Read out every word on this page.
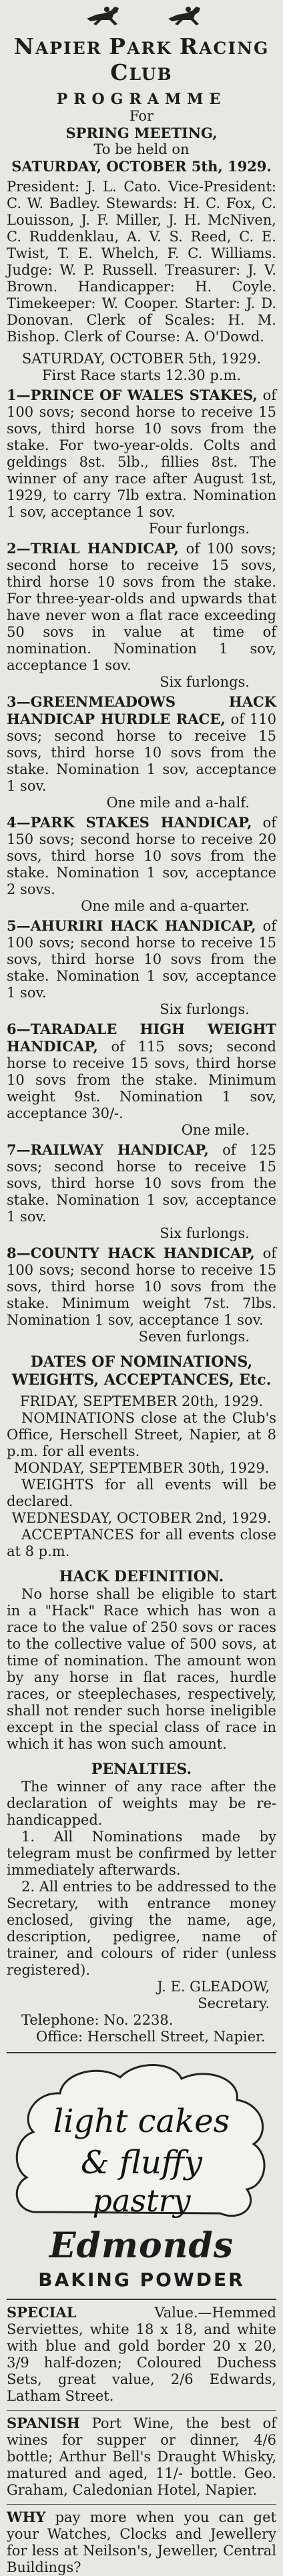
NAPIER PARK RACING CLUB
PROGRAMME
For
SPRING MEETING,
To be held on
SATURDAY, OCTOBER 5th, 1929.

President: J. L. Cato. Vice-President: C. W. Badley. Stewards: H. C. Fox, C. Louisson, J. F. Miller, J. H. McNiven, C. Ruddenklau, A. V. S. Reed, C. E. Twist, T. E. Whelch, F. C. Williams. Judge: W. P. Russell. Treasurer: J. V. Brown. Handicapper: H. Coyle. Timekeeper: W. Cooper. Starter: J. D. Donovan. Clerk of Scales: H. M. Bishop. Clerk of Course: A. O'Dowd.

SATURDAY, OCTOBER 5th, 1929.
First Race starts 12.30 p.m.
1—PRINCE OF WALES STAKES, of 100 sovs; second horse to receive 15 sovs, third horse 10 sovs from the stake. For two-year-olds. Colts and geldings 8st. 5lb., fillies 8st. The winner of any race after August 1st, 1929, to carry 7lb extra. Nomination 1 sov, acceptance 1 sov.
Four furlongs.
2—TRIAL HANDICAP, of 100 sovs; second horse to receive 15 sovs, third horse 10 sovs from the stake. For three-year-olds and upwards that have never won a flat race exceeding 50 sovs in value at time of nomination. Nomination 1 sov, acceptance 1 sov.
Six furlongs.
3—GREENMEADOWS HACK HANDICAP HURDLE RACE, of 110 sovs; second horse to receive 15 sovs, third horse 10 sovs from the stake. Nomination 1 sov, acceptance 1 sov.
One mile and a-half.
4—PARK STAKES HANDICAP, of 150 sovs; second horse to receive 20 sovs, third horse 10 sovs from the stake. Nomination 1 sov, acceptance 2 sovs.
One mile and a-quarter.
5—AHURIRI HACK HANDICAP, of 100 sovs; second horse to receive 15 sovs, third horse 10 sovs from the stake. Nomination 1 sov, acceptance 1 sov.
Six furlongs.
6—TARADALE HIGH WEIGHT HANDICAP, of 115 sovs; second horse to receive 15 sovs, third horse 10 sovs from the stake. Minimum weight 9st. Nomination 1 sov, acceptance 30/-.
One mile.
7—RAILWAY HANDICAP, of 125 sovs; second horse to receive 15 sovs, third horse 10 sovs from the stake. Nomination 1 sov, acceptance 1 sov.
Six furlongs.
8—COUNTY HACK HANDICAP, of 100 sovs; second horse to receive 15 sovs, third horse 10 sovs from the stake. Minimum weight 7st. 7lbs. Nomination 1 sov, acceptance 1 sov.
Seven furlongs.
DATES OF NOMINATIONS, WEIGHTS, ACCEPTANCES, Etc.
FRIDAY, SEPTEMBER 20th, 1929.

NOMINATIONS close at the Club's Office, Herschell Street, Napier, at 8 p.m. for all events.

MONDAY, SEPTEMBER 30th, 1929.

WEIGHTS for all events will be declared.

WEDNESDAY, OCTOBER 2nd, 1929.

ACCEPTANCES for all events close at 8 p.m.

HACK DEFINITION.

No horse shall be eligible to start in a "Hack" Race which has won a race to the value of 250 sovs or races to the collective value of 500 sovs, at time of nomination. The amount won by any horse in flat races, hurdle races, or steeplechases, respectively, shall not render such horse ineligible except in the special class of race in which it has won such amount.

PENALTIES.

The winner of any race after the declaration of weights may be re-handicapped.

1. All Nominations made by telegram must be confirmed by letter immediately afterwards.

2. All entries to be addressed to the Secretary, with entrance money enclosed, giving the name, age, description, pedigree, name of trainer, and colours of rider (unless registered).

J. E. GLEADOW,
Secretary.
Telephone: No. 2238.
Office: Herschell Street, Napier.
light cakes
& fluffy
pastry
Edmonds
BAKING POWDER

SPECIAL Value.—Hemmed Serviettes, white 18 x 18, and white with blue and gold border 20 x 20, 3/9 half-dozen; Coloured Duchess Sets, great value, 2/6 Edwards, Latham Street.

SPANISH Port Wine, the best of wines for supper or dinner, 4/6 bottle; Arthur Bell's Draught Whisky, matured and aged, 11/- bottle. Geo. Graham, Caledonian Hotel, Napier.

WHY pay more when you can get your Watches, Clocks and Jewellery for less at Neilson's, Jeweller, Central Buildings?
